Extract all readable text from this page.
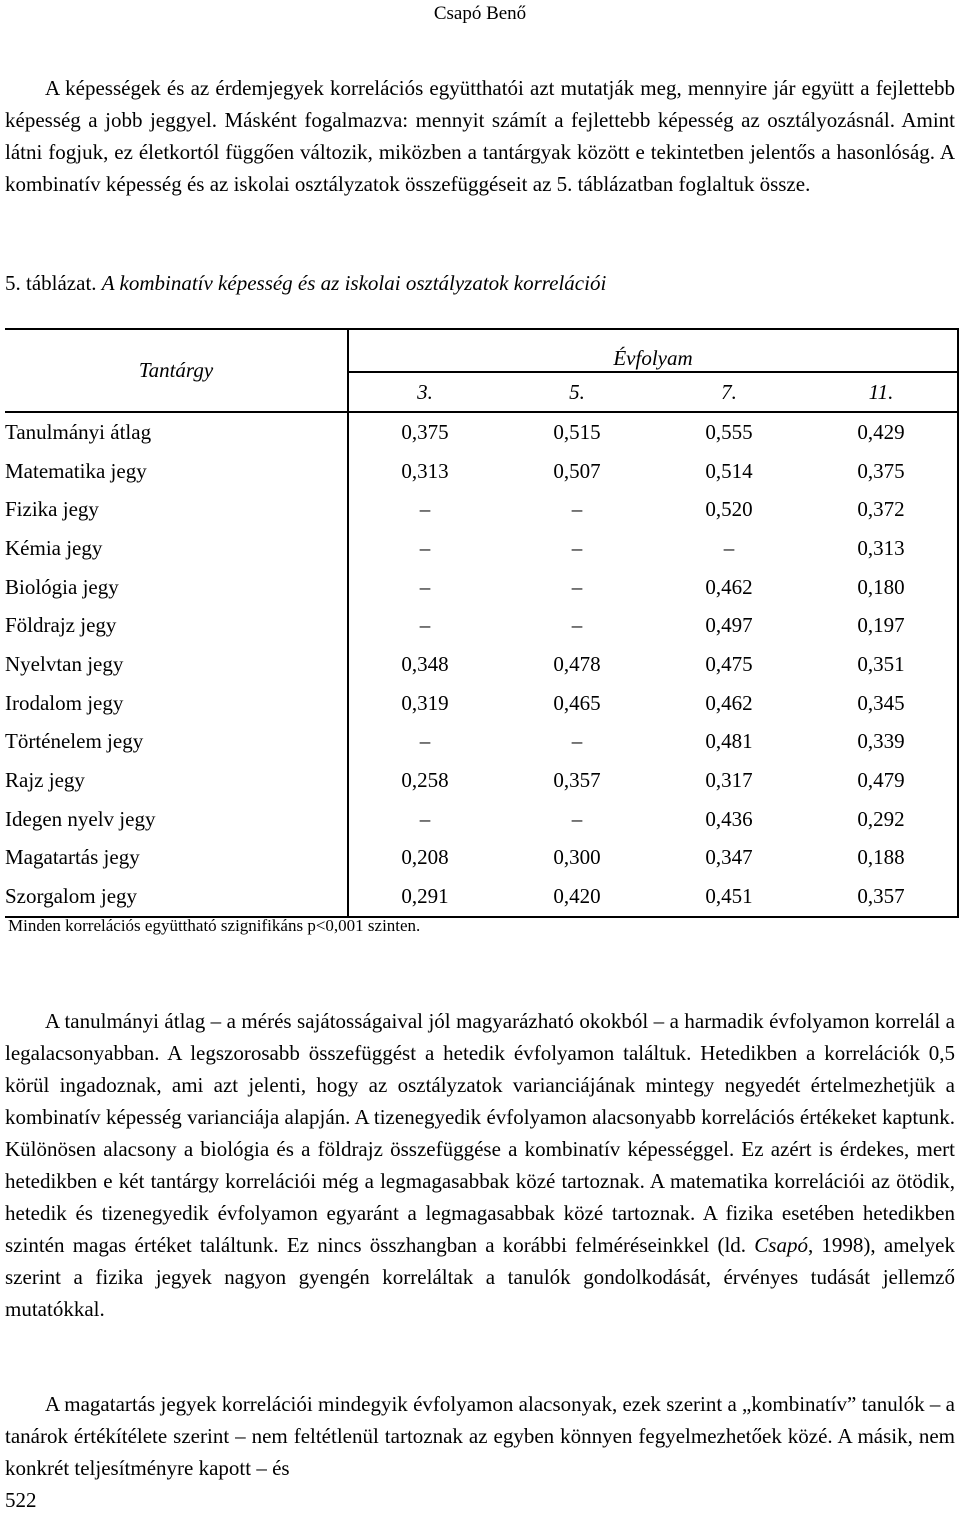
Csapó Benő

A képességek és az érdemjegyek korrelációs együtthatói azt mutatják meg, mennyire jár együtt a fejlettebb képesség a jobb jeggyel. Másként fogalmazva: mennyit számít a fejlettebb képesség az osztályozásnál. Amint látni fogjuk, ez életkortól függően változik, miközben a tantárgyak között e tekintetben jelentős a hasonlóság. A kombinatív képesség és az iskolai osztályzatok összefüggéseit az 5. táblázatban foglaltuk össze.

5. táblázat. A kombinatív képesség és az iskolai osztályzatok korrelációi
Tantárgy	Évfolyam			
	3.	5.	7.	11.
Tanulmányi átlag	0,375	0,515	0,555	0,429
Matematika jegy	0,313	0,507	0,514	0,375
Fizika jegy	–	–	0,520	0,372
Kémia jegy	–	–	–	0,313
Biológia jegy	–	–	0,462	0,180
Földrajz jegy	–	–	0,497	0,197
Nyelvtan jegy	0,348	0,478	0,475	0,351
Irodalom jegy	0,319	0,465	0,462	0,345
Történelem jegy	–	–	0,481	0,339
Rajz jegy	0,258	0,357	0,317	0,479
Idegen nyelv jegy	–	–	0,436	0,292
Magatartás jegy	0,208	0,300	0,347	0,188
Szorgalom jegy	0,291	0,420	0,451	0,357
Minden korrelációs együttható szignifikáns p<0,001 szinten.

A tanulmányi átlag – a mérés sajátosságaival jól magyarázható okokból – a harmadik évfolyamon korrelál a legalacsonyabban. A legszorosabb összefüggést a hetedik évfolyamon találtuk. Hetedikben a korrelációk 0,5 körül ingadoznak, ami azt jelenti, hogy az osztályzatok varianciájának mintegy negyedét értelmezhetjük a kombinatív képesség varianciája alapján. A tizenegyedik évfolyamon alacsonyabb korrelációs értékeket kaptunk. Különösen alacsony a biológia és a földrajz összefüggése a kombinatív képességgel. Ez azért is érdekes, mert hetedikben e két tantárgy korrelációi még a legmagasabbak közé tartoznak. A matematika korrelációi az ötödik, hetedik és tizenegyedik évfolyamon egyaránt a legmagasabbak közé tartoznak. A fizika esetében hetedikben szintén magas értéket találtunk. Ez nincs összhangban a korábbi felméréseinkkel (ld. Csapó, 1998), amelyek szerint a fizika jegyek nagyon gyengén korreláltak a tanulók gondolkodását, érvényes tudását jellemző mutatókkal.

A magatartás jegyek korrelációi mindegyik évfolyamon alacsonyak, ezek szerint a „kombinatív” tanulók – a tanárok értékítélete szerint – nem feltétlenül tartoznak az egyben könnyen fegyelmezhetőek közé. A másik, nem konkrét teljesítményre kapott – és

522
